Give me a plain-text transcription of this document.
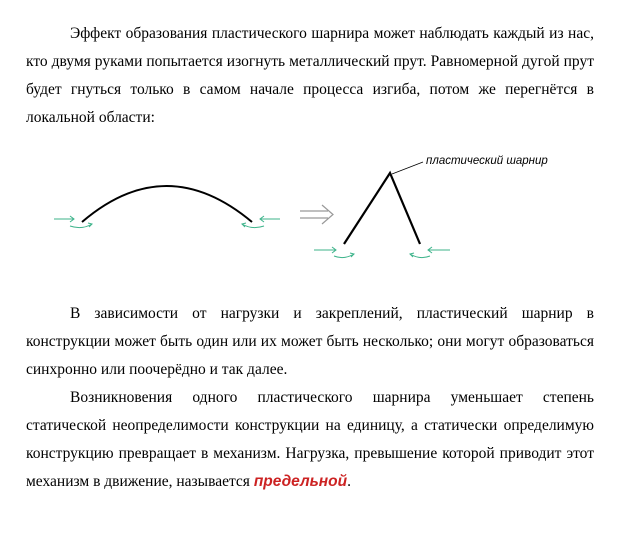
Эффект образования пластического шарнира может наблюдать каждый из нас, кто двумя руками попытается изогнуть металлический прут. Равномерной дугой прут будет гнуться только в самом начале процесса изгиба, потом же перегнётся в локальной области:

пластический шарнир

В зависимости от нагрузки и закреплений, пластический шарнир в конструкции может быть один или их может быть несколько; они могут образоваться синхронно или поочерёдно и так далее.

Возникновения одного пластического шарнира уменьшает степень статической неопределимости конструкции на единицу, а статически определимую конструкцию превращает в механизм. Нагрузка, превышение которой приводит этот механизм в движение, называется предельной.
